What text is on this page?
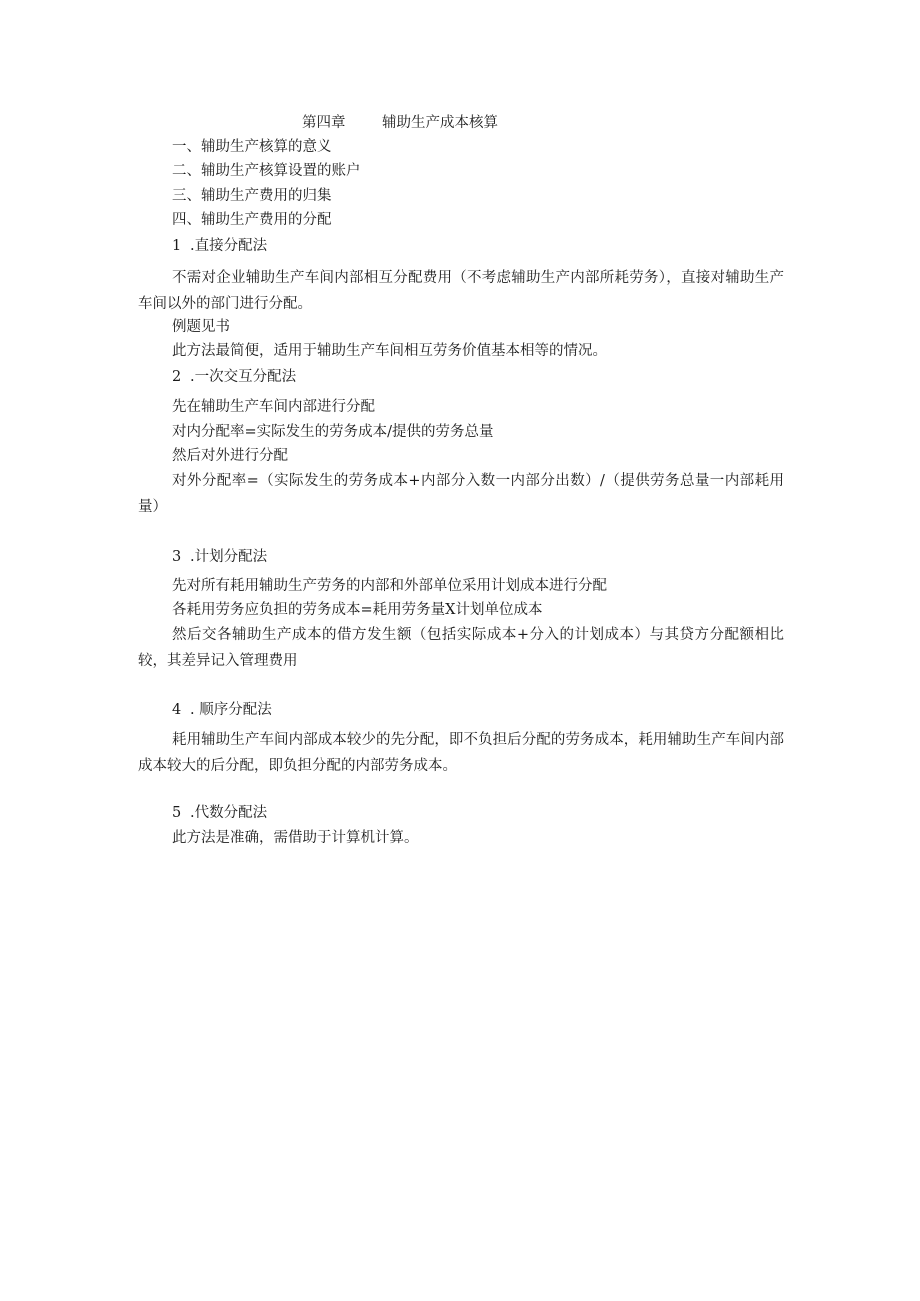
第四章	辅助生产成本核算
一、辅助生产核算的意义
二、辅助生产核算设置的账户
三、辅助生产费用的归集
四、辅助生产费用的分配
1 .直接分配法
不需对企业辅助生产车间内部相互分配费用（不考虑辅助生产内部所耗劳务），直接对辅助生产车间以外的部门进行分配。
例题见书
此方法最简便，适用于辅助生产车间相互劳务价值基本相等的情况。
2 .一次交互分配法
先在辅助生产车间内部进行分配
对内分配率=实际发生的劳务成本/提供的劳务总量
然后对外进行分配
对外分配率=（实际发生的劳务成本+内部分入数一内部分出数）/（提供劳务总量一内部耗用量）
3 .计划分配法
先对所有耗用辅助生产劳务的内部和外部单位采用计划成本进行分配
各耗用劳务应负担的劳务成本=耗用劳务量X计划单位成本
然后交各辅助生产成本的借方发生额（包括实际成本+分入的计划成本）与其贷方分配额相比较，其差异记入管理费用
4 . 顺序分配法
耗用辅助生产车间内部成本较少的先分配，即不负担后分配的劳务成本，耗用辅助生产车间内部成本较大的后分配，即负担分配的内部劳务成本。
5 .代数分配法
此方法是准确，需借助于计算机计算。
